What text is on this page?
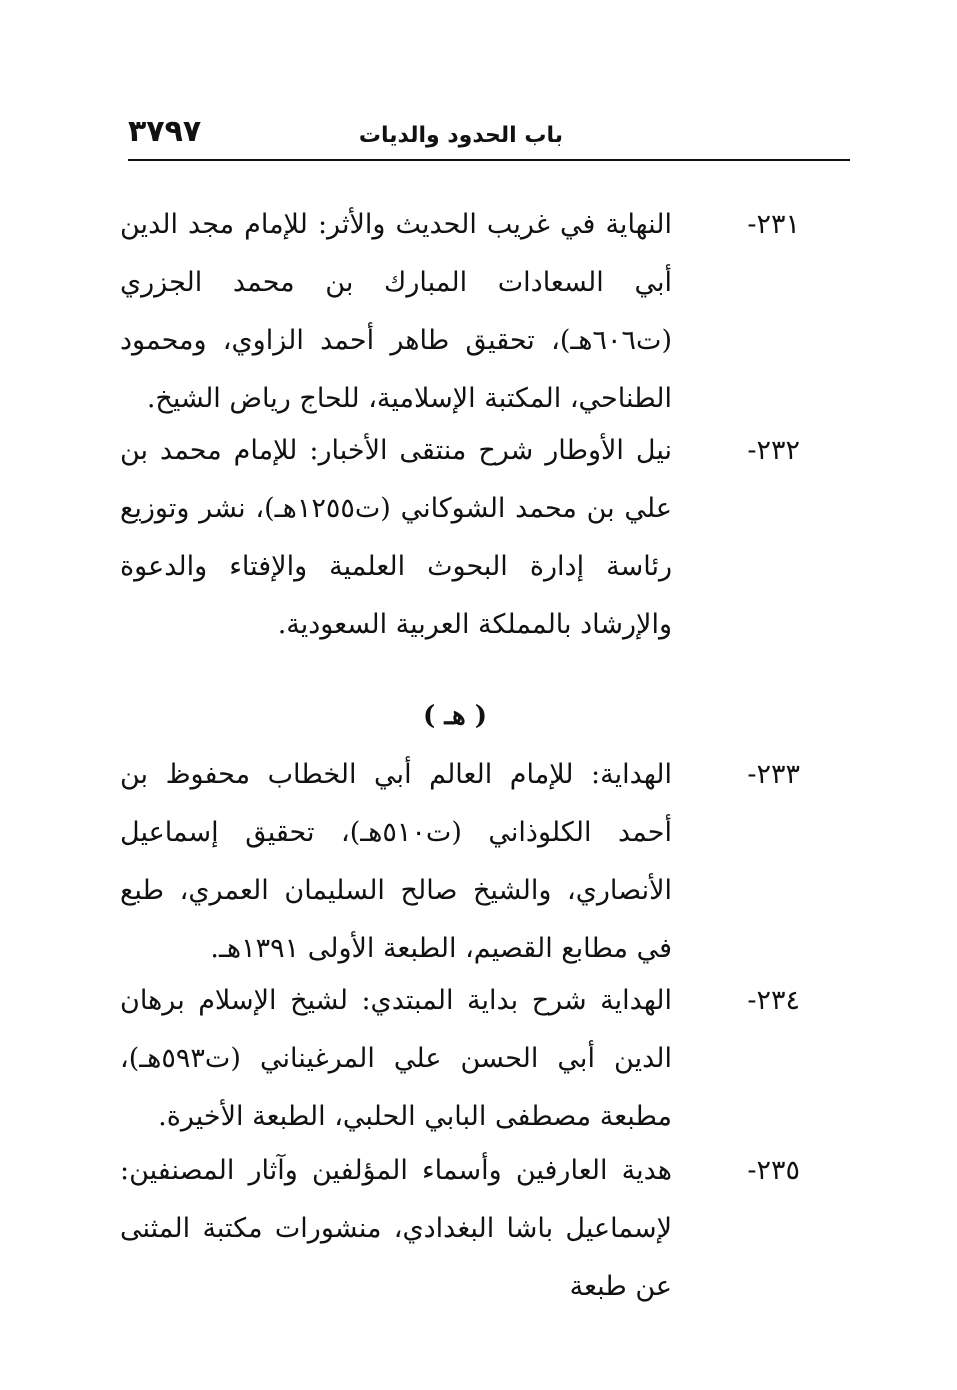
٣٧٩٧	باب الحدود والديات
٢٣١-
النهاية في غريب الحديث والأثر: للإمام مجد الدين أبي السعادات المبارك بن محمد الجزري (ت٦٠٦هـ)، تحقيق طاهر أحمد الزاوي، ومحمود الطناحي، المكتبة الإسلامية، للحاج رياض الشيخ.
٢٣٢-
نيل الأوطار شرح منتقى الأخبار: للإمام محمد بن علي بن محمد الشوكاني (ت١٢٥٥هـ)، نشر وتوزيع رئاسة إدارة البحوث العلمية والإفتاء والدعوة والإرشاد بالمملكة العربية السعودية.
( هـ )
٢٣٣-
الهداية: للإمام العالم أبي الخطاب محفوظ بن أحمد الكلوذاني (ت٥١٠هـ)، تحقيق إسماعيل الأنصاري، والشيخ صالح السليمان العمري، طبع في مطابع القصيم، الطبعة الأولى ١٣٩١هـ.
٢٣٤-
الهداية شرح بداية المبتدي: لشيخ الإسلام برهان الدين أبي الحسن علي المرغيناني (ت٥٩٣هـ)، مطبعة مصطفى البابي الحلبي، الطبعة الأخيرة.
٢٣٥-
هدية العارفين وأسماء المؤلفين وآثار المصنفين: لإسماعيل باشا البغدادي، منشورات مكتبة المثنى عن طبعة
